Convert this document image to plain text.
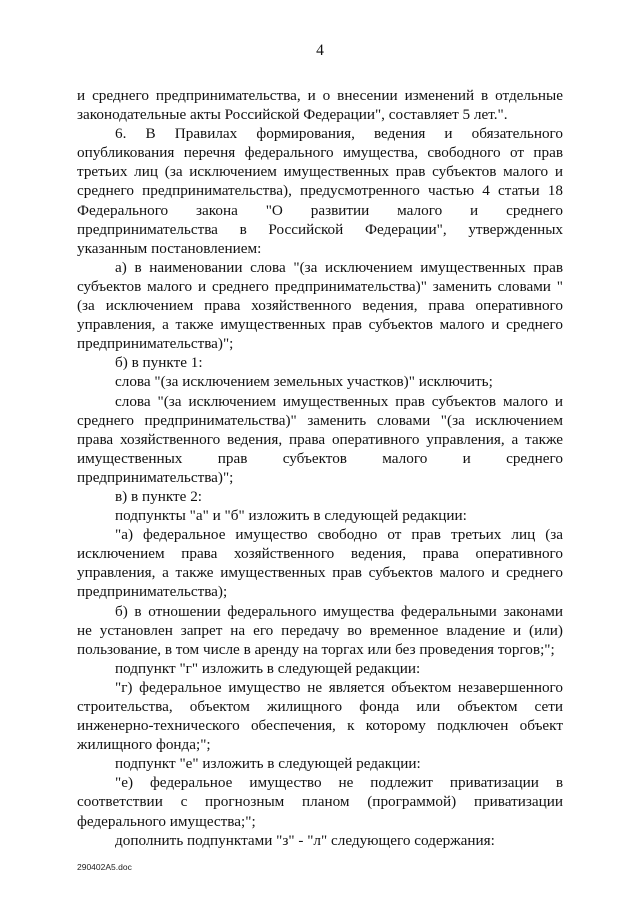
4

и среднего предпринимательства, и о внесении изменений в отдельные законодательные акты Российской Федерации", составляет 5 лет.".

6. В Правилах формирования, ведения и обязательного опубликования перечня федерального имущества, свободного от прав третьих лиц (за исключением имущественных прав субъектов малого и среднего предпринимательства), предусмотренного частью 4 статьи 18 Федерального закона "О развитии малого и среднего предпринимательства в Российской Федерации", утвержденных указанным постановлением:

а) в наименовании слова "(за исключением имущественных прав субъектов малого и среднего предпринимательства)" заменить словами "(за исключением права хозяйственного ведения, права оперативного управления, а также имущественных прав субъектов малого и среднего предпринимательства)";

б) в пункте 1:

слова "(за исключением земельных участков)" исключить;

слова "(за исключением имущественных прав субъектов малого и среднего предпринимательства)" заменить словами "(за исключением права хозяйственного ведения, права оперативного управления, а также имущественных прав субъектов малого и среднего предпринимательства)";

в) в пункте 2:

подпункты "а" и "б" изложить в следующей редакции:

"а) федеральное имущество свободно от прав третьих лиц (за исключением права хозяйственного ведения, права оперативного управления, а также имущественных прав субъектов малого и среднего предпринимательства);

б) в отношении федерального имущества федеральными законами не установлен запрет на его передачу во временное владение и (или) пользование, в том числе в аренду на торгах или без проведения торгов;";

подпункт "г" изложить в следующей редакции:

"г) федеральное имущество не является объектом незавершенного строительства, объектом жилищного фонда или объектом сети инженерно-технического обеспечения, к которому подключен объект жилищного фонда;";

подпункт "е" изложить в следующей редакции:

"е) федеральное имущество не подлежит приватизации в соответствии с прогнозным планом (программой) приватизации федерального имущества;";

дополнить подпунктами "з" - "л" следующего содержания:

290402A5.doc
